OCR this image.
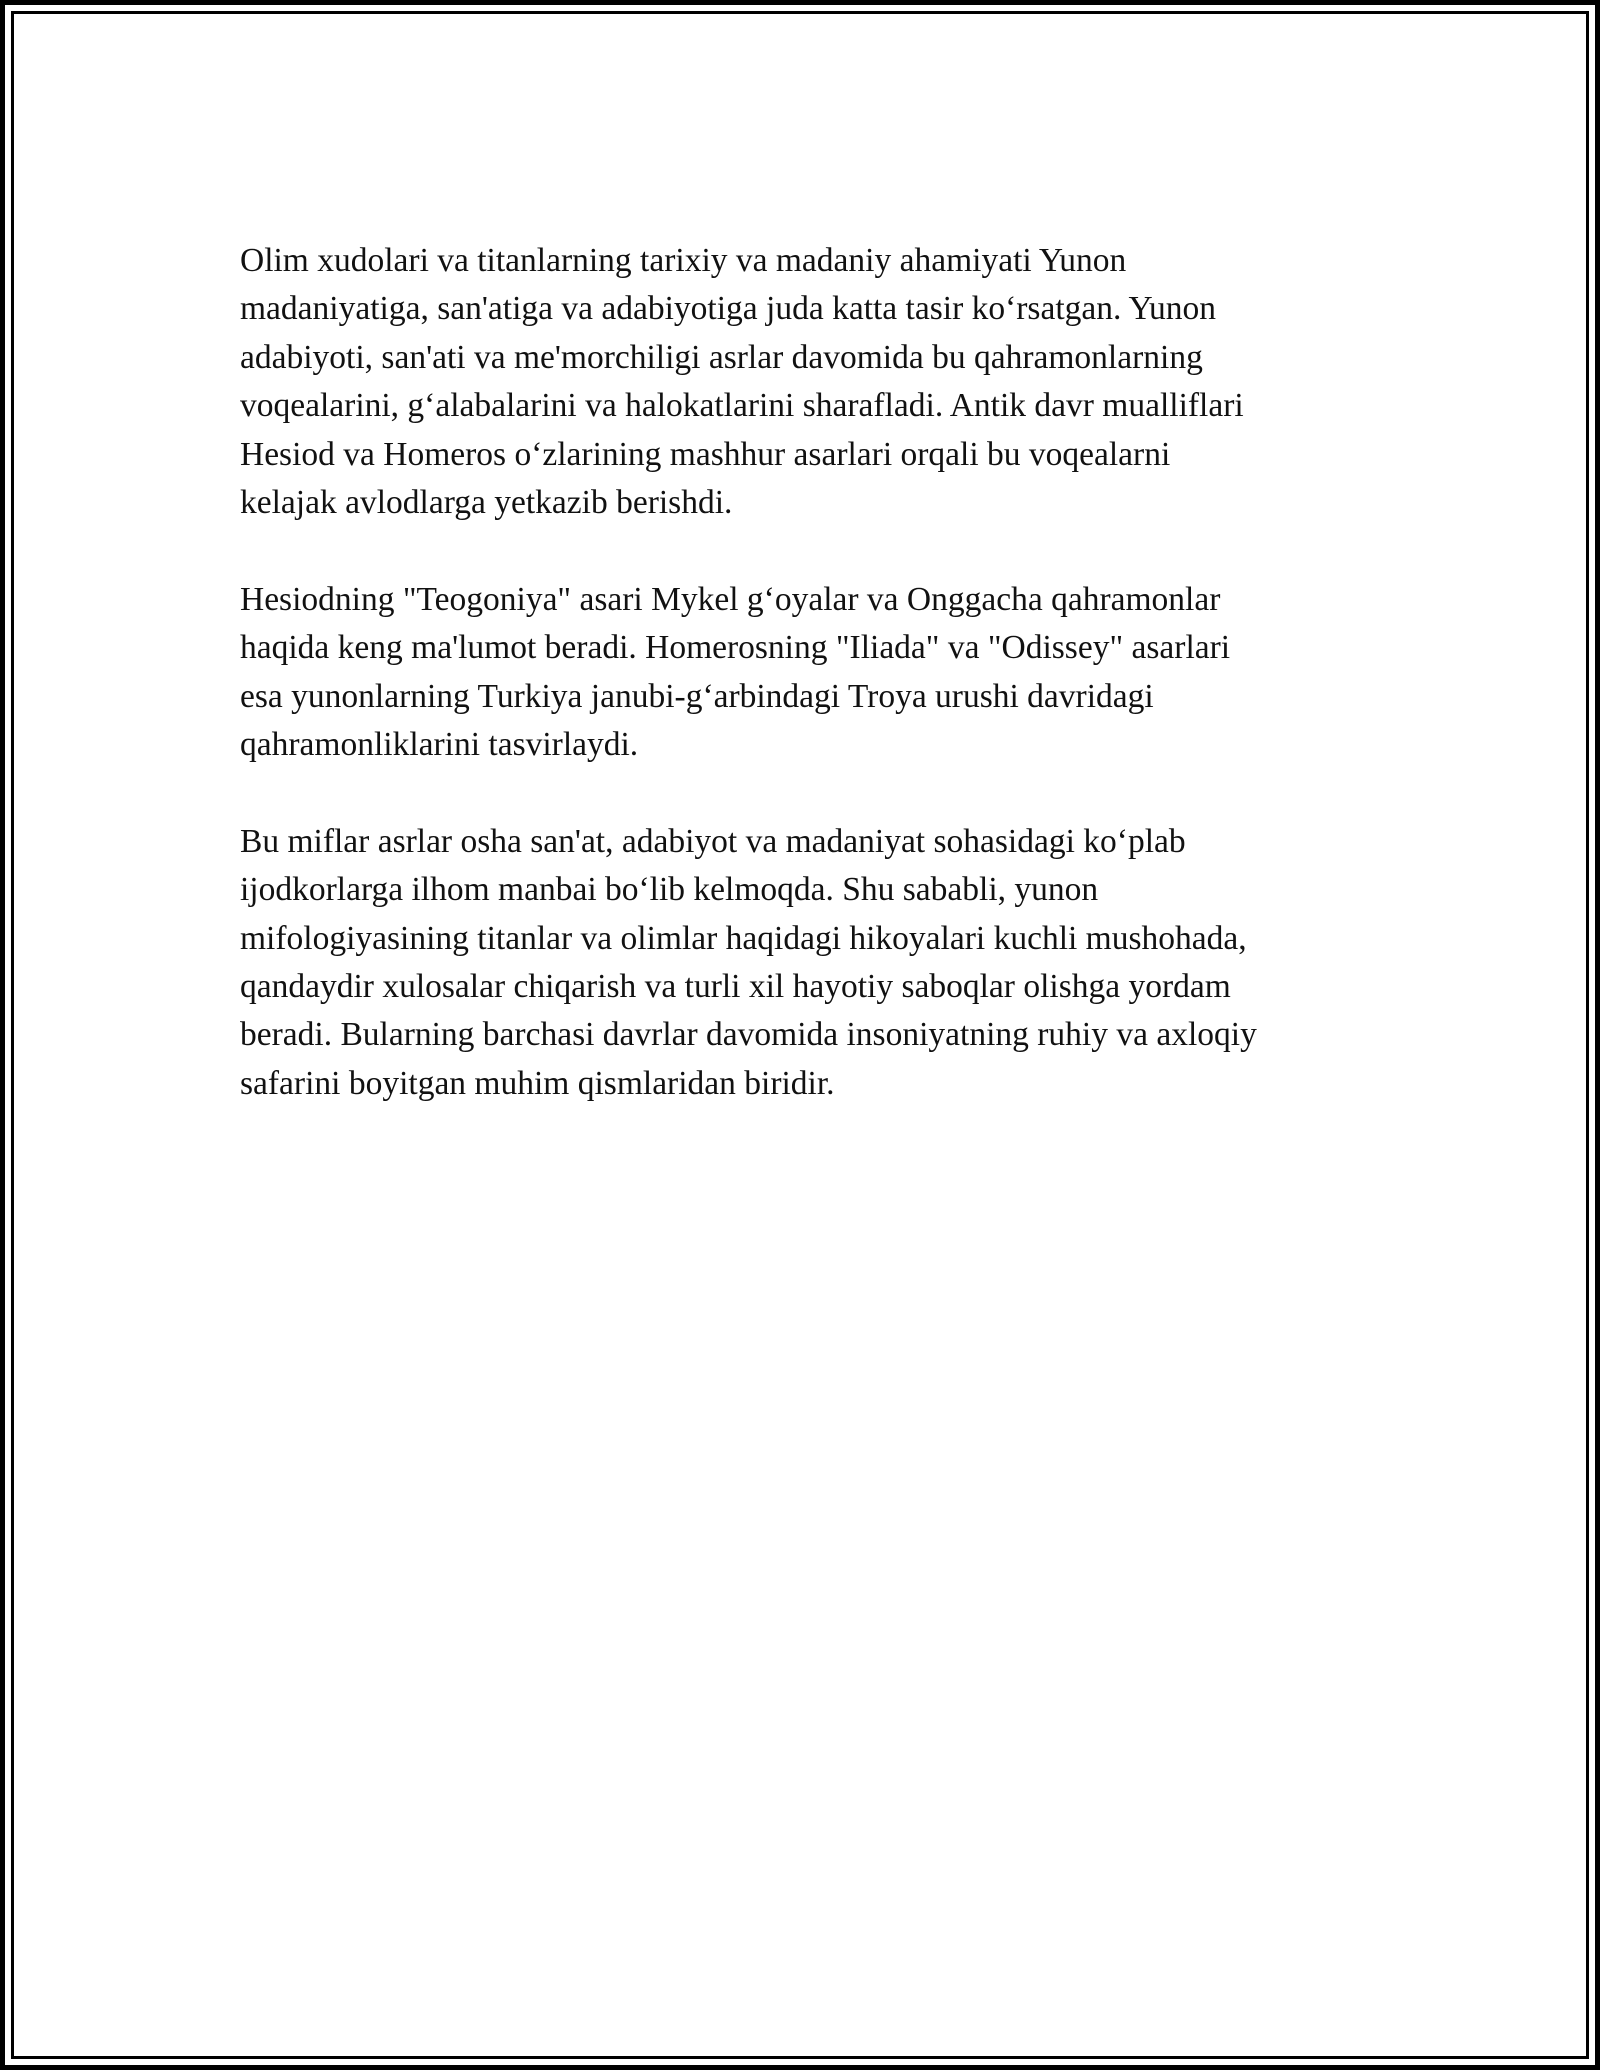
Olim xudolari va titanlarning tarixiy va madaniy ahamiyati Yunon
madaniyatiga, san'atiga va adabiyotiga juda katta tasir koʻrsatgan. Yunon
adabiyoti, san'ati va me'morchiligi asrlar davomida bu qahramonlarning
voqealarini, gʻalabalarini va halokatlarini sharafladi. Antik davr mualliflari
Hesiod va Homeros oʻzlarining mashhur asarlari orqali bu voqealarni
kelajak avlodlarga yetkazib berishdi.

Hesiodning "Teogoniya" asari Mykel gʻoyalar va Onggacha qahramonlar
haqida keng ma'lumot beradi. Homerosning "Iliada" va "Odissey" asarlari
esa yunonlarning Turkiya janubi-gʻarbindagi Troya urushi davridagi
qahramonliklarini tasvirlaydi.

Bu miflar asrlar osha san'at, adabiyot va madaniyat sohasidagi koʻplab
ijodkorlarga ilhom manbai boʻlib kelmoqda. Shu sababli, yunon
mifologiyasining titanlar va olimlar haqidagi hikoyalari kuchli mushohada,
qandaydir xulosalar chiqarish va turli xil hayotiy saboqlar olishga yordam
beradi. Bularning barchasi davrlar davomida insoniyatning ruhiy va axloqiy
safarini boyitgan muhim qismlaridan biridir.
